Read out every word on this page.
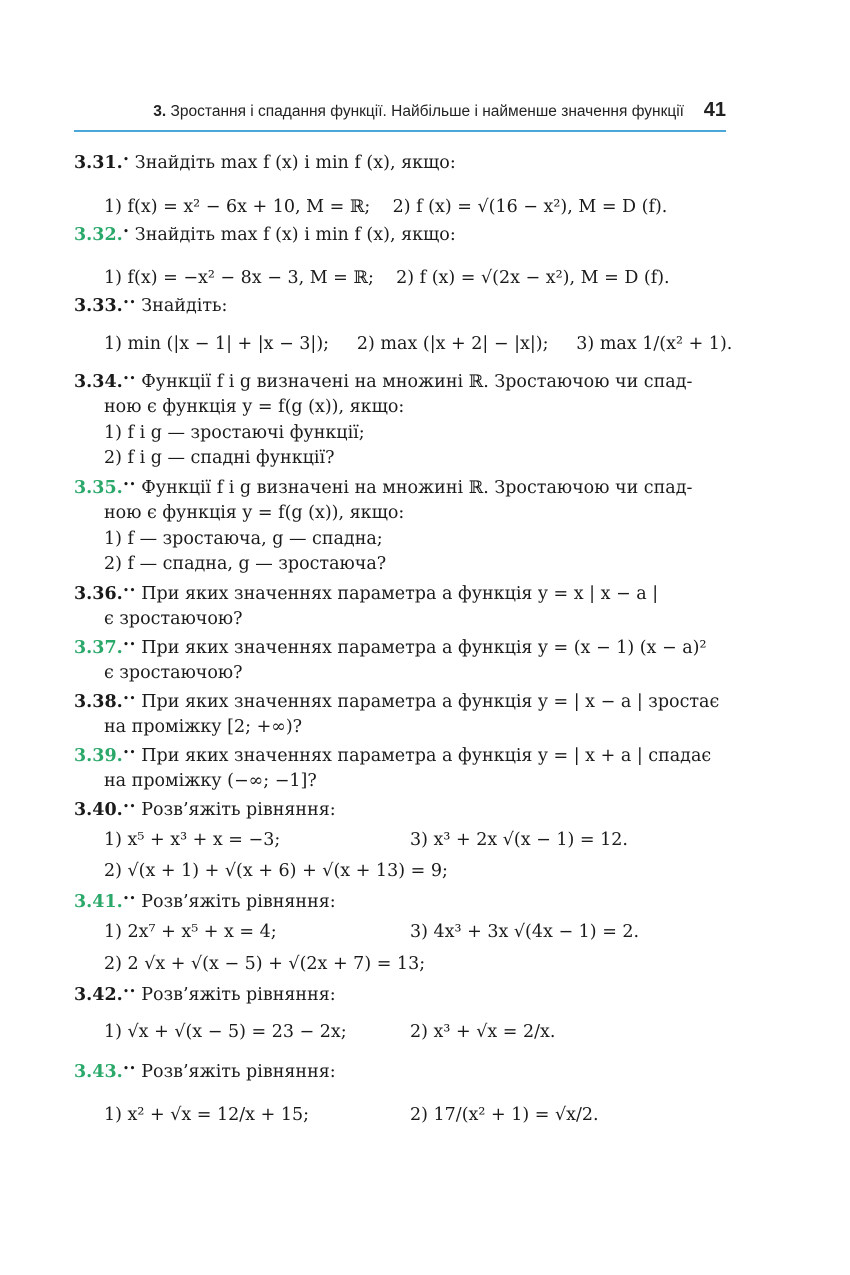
3. Зростання і спадання функції. Найбільше і найменше значення функції 41
3.31.• Знайдіть max f (x) і min f (x), якщо:
1) f(x) = x² − 6x + 10, M = ℝ; 2) f (x) = √(16 − x²), M = D (f).
3.32.• Знайдіть max f (x) і min f (x), якщо:
1) f(x) = −x² − 8x − 3, M = ℝ; 2) f (x) = √(2x − x²), M = D (f).
3.33.•• Знайдіть:
1) min (|x − 1| + |x − 3|); 2) max (|x + 2| − |x|); 3) max 1/(x² + 1).
3.34.•• Функції f і g визначені на множині ℝ. Зростаючою чи спад-
ною є функція y = f(g (x)), якщо:
1) f і g — зростаючі функції;
2) f і g — спадні функції?
3.35.•• Функції f і g визначені на множині ℝ. Зростаючою чи спад-
ною є функція y = f(g (x)), якщо:
1) f — зростаюча, g — спадна;
2) f — спадна, g — зростаюча?
3.36.•• При яких значеннях параметра a функція y = x | x − a |
є зростаючою?
3.37.•• При яких значеннях параметра a функція y = (x − 1) (x − a)²
є зростаючою?
3.38.•• При яких значеннях параметра a функція y = | x − a | зростає
на проміжку [2; +∞)?
3.39.•• При яких значеннях параметра a функція y = | x + a | спадає
на проміжку (−∞; −1]?
3.40.•• Розв’яжіть рівняння:
1) x⁵ + x³ + x = −3;	3) x³ + 2x √(x − 1) = 12.
2) √(x + 1) + √(x + 6) + √(x + 13) = 9;
3.41.•• Розв’яжіть рівняння:
1) 2x⁷ + x⁵ + x = 4;	3) 4x³ + 3x √(4x − 1) = 2.
2) 2 √x + √(x − 5) + √(2x + 7) = 13;
3.42.•• Розв’яжіть рівняння:
1) √x + √(x − 5) = 23 − 2x;	2) x³ + √x = 2/x.
3.43.•• Розв’яжіть рівняння:
1) x² + √x = 12/x + 15;	2) 17/(x² + 1) = √x/2.
